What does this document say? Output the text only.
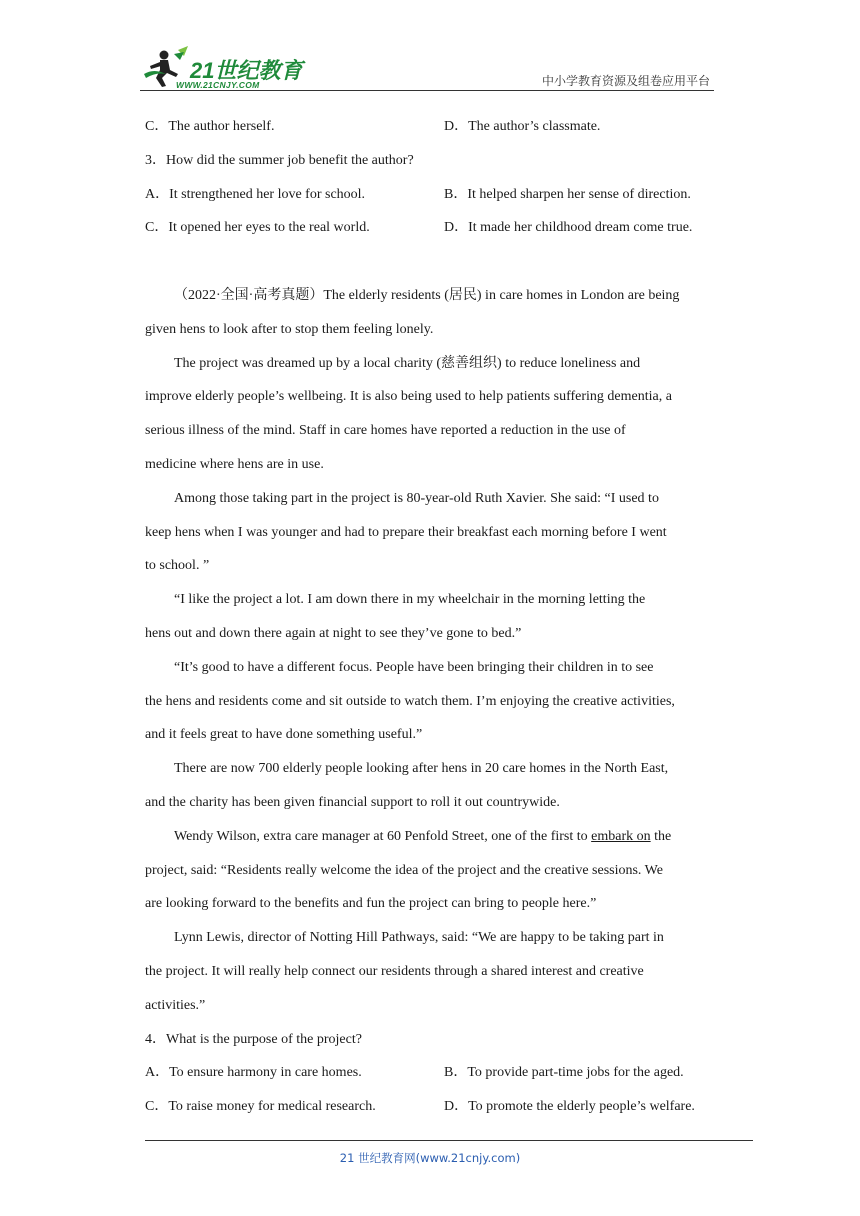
21世纪教育
WWW.21CNJY.COM	中小学教育资源及组卷应用平台
C．The author herself.	D．The author’s classmate.
3．How did the summer job benefit the author?
A．It strengthened her love for school.	B．It helped sharpen her sense of direction.
C．It opened her eyes to the real world.	D．It made her childhood dream come true.
（2022·全国·高考真题）The elderly residents (居民) in care homes in London are being
given hens to look after to stop them feeling lonely.
The project was dreamed up by a local charity (慈善组织) to reduce loneliness and
improve elderly people’s wellbeing. It is also being used to help patients suffering dementia, a
serious illness of the mind. Staff in care homes have reported a reduction in the use of
medicine where hens are in use.
Among those taking part in the project is 80-year-old Ruth Xavier. She said: “I used to
keep hens when I was younger and had to prepare their breakfast each morning before I went
to school. ”
“I like the project a lot. I am down there in my wheelchair in the morning letting the
hens out and down there again at night to see they’ve gone to bed.”
“It’s good to have a different focus. People have been bringing their children in to see
the hens and residents come and sit outside to watch them. I’m enjoying the creative activities,
and it feels great to have done something useful.”
There are now 700 elderly people looking after hens in 20 care homes in the North East,
and the charity has been given financial support to roll it out countrywide.
Wendy Wilson, extra care manager at 60 Penfold Street, one of the first to embark on the
project, said: “Residents really welcome the idea of the project and the creative sessions. We
are looking forward to the benefits and fun the project can bring to people here.”
Lynn Lewis, director of Notting Hill Pathways, said: “We are happy to be taking part in
the project. It will really help connect our residents through a shared interest and creative
activities.”
4．What is the purpose of the project?
A．To ensure harmony in care homes.	B．To provide part-time jobs for the aged.
C．To raise money for medical research.	D．To promote the elderly people’s welfare.
21 世纪教育网(www.21cnjy.com)
